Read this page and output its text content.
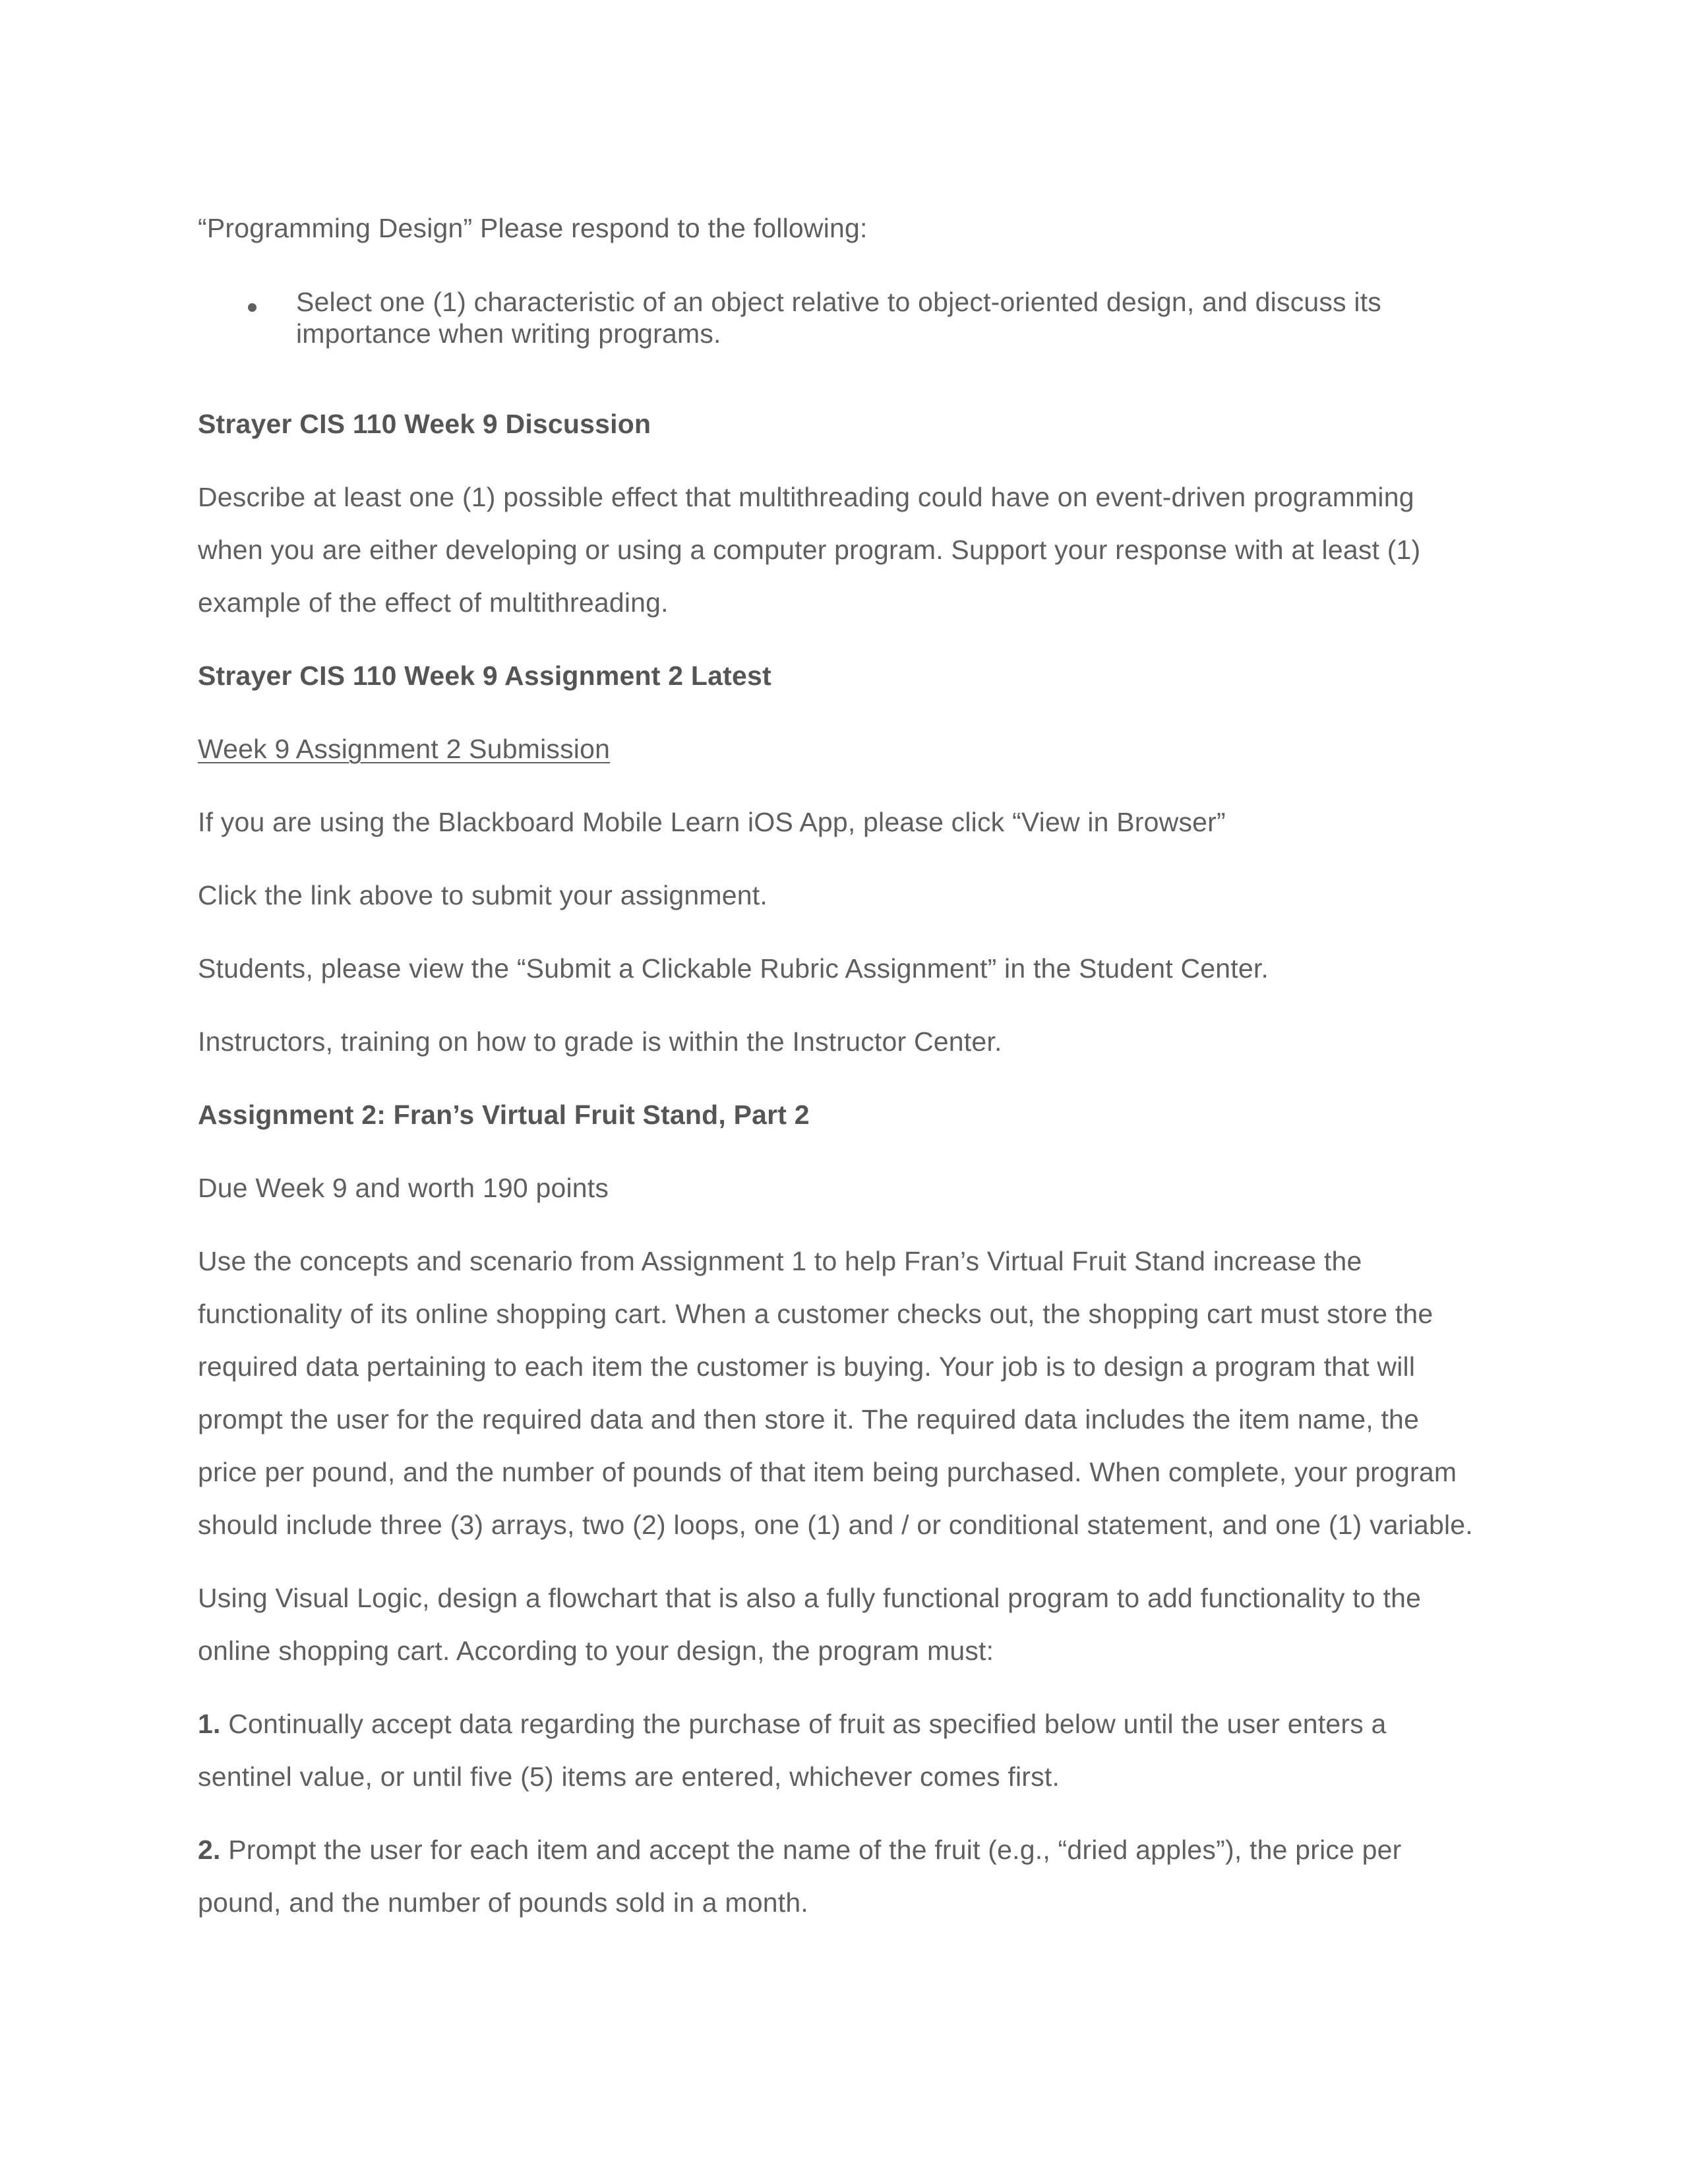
“Programming Design” Please respond to the following:
Select one (1) characteristic of an object relative to object-oriented design, and discuss its
importance when writing programs.
Strayer CIS 110 Week 9 Discussion
Describe at least one (1) possible effect that multithreading could have on event-driven programming
when you are either developing or using a computer program. Support your response with at least (1)
example of the effect of multithreading.
Strayer CIS 110 Week 9 Assignment 2 Latest
Week 9 Assignment 2 Submission
If you are using the Blackboard Mobile Learn iOS App, please click “View in Browser”
Click the link above to submit your assignment.
Students, please view the “Submit a Clickable Rubric Assignment” in the Student Center.
Instructors, training on how to grade is within the Instructor Center.
Assignment 2: Fran’s Virtual Fruit Stand, Part 2
Due Week 9 and worth 190 points
Use the concepts and scenario from Assignment 1 to help Fran’s Virtual Fruit Stand increase the
functionality of its online shopping cart. When a customer checks out, the shopping cart must store the
required data pertaining to each item the customer is buying. Your job is to design a program that will
prompt the user for the required data and then store it. The required data includes the item name, the
price per pound, and the number of pounds of that item being purchased. When complete, your program
should include three (3) arrays, two (2) loops, one (1) and / or conditional statement, and one (1) variable.
Using Visual Logic, design a flowchart that is also a fully functional program to add functionality to the
online shopping cart. According to your design, the program must:
1. Continually accept data regarding the purchase of fruit as specified below until the user enters a
sentinel value, or until five (5) items are entered, whichever comes first.
2. Prompt the user for each item and accept the name of the fruit (e.g., “dried apples”), the price per
pound, and the number of pounds sold in a month.
